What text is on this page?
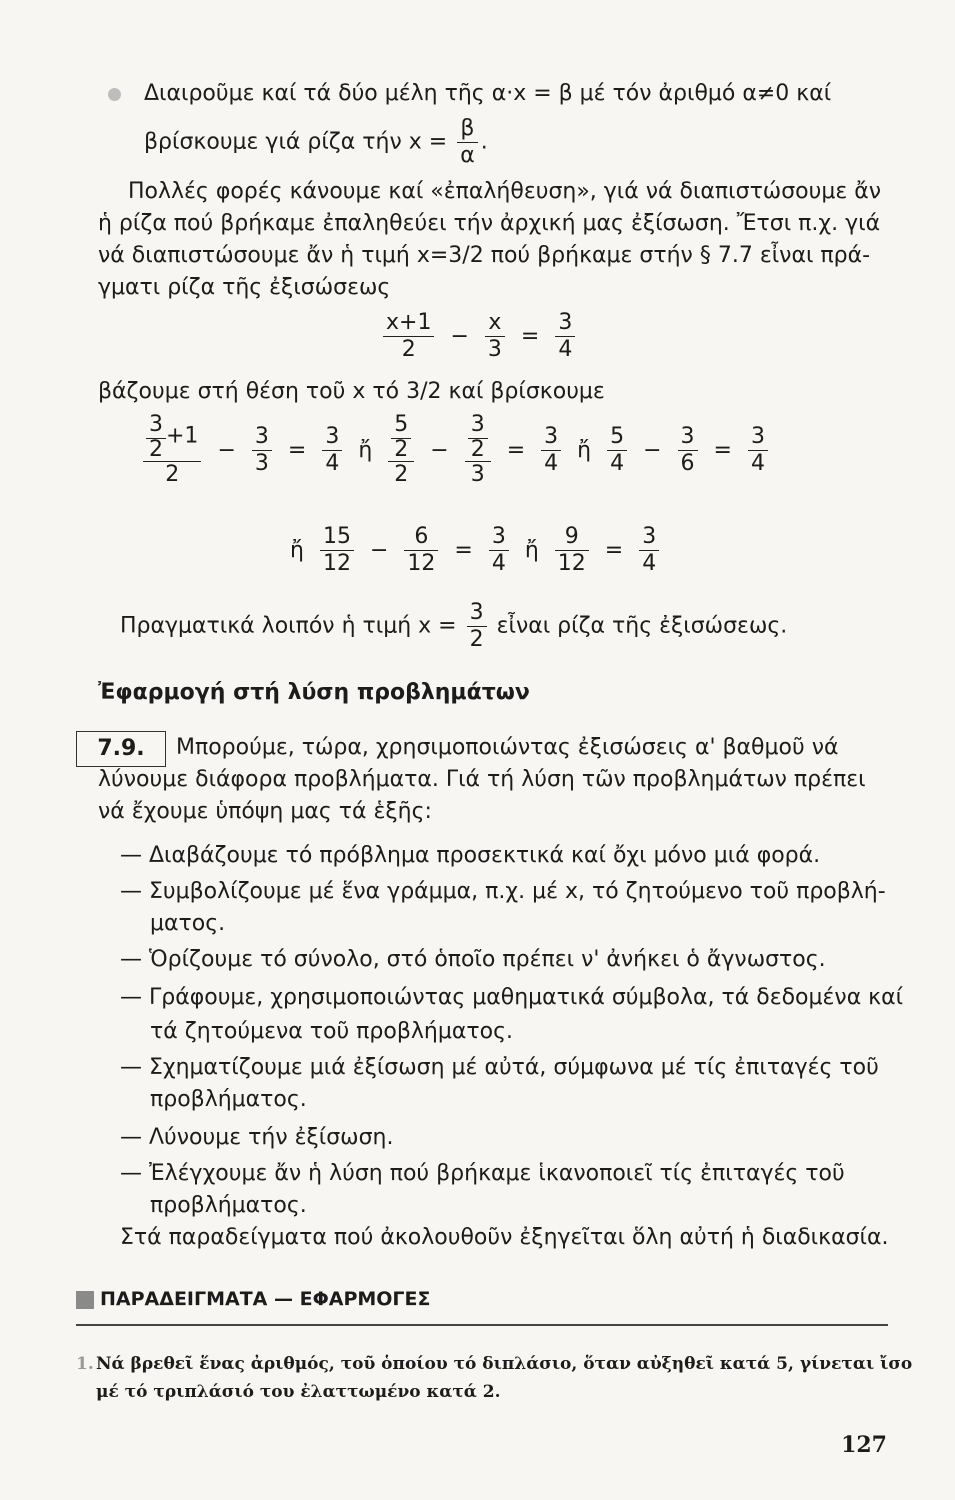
Διαιροῦμε καί τά δύο μέλη τῆς α·x = β μέ τόν ἀριθμό α≠0 καί
βρίσκουμε γιά ρίζα τήν $x = \frac{\beta}{\alpha}$ .
Πολλές φορές κάνουμε καί «ἐπαλήθευση», γιά νά διαπιστώσουμε ἄν
ἡ ρίζα πού βρήκαμε ἐπαληθεύει τήν ἀρχική μας ἐξίσωση. Ἔτσι π.χ. γιά
νά διαπιστώσουμε ἄν ἡ τιμή x=3/2 πού βρήκαμε στήν § 7.7 εἶναι πρά-
γματι ρίζα τῆς ἐξισώσεως
$\frac{x+1}{2} - \frac{x}{3} = \frac{3}{4}$
βάζουμε στή θέση τοῦ x τό 3/2 καί βρίσκουμε
$\frac{\frac{3}{2} +1}{2} - \frac{3}{3} = \frac{3}{4}$ ἤ $\frac{\frac{5}{2}}{2} - \frac{\frac{3}{2}}{3} = \frac{3}{4}$ ἤ $\frac{5}{4} - \frac{3}{6} = \frac{3}{4}$
ἤ $\frac{15}{12} - \frac{6}{12} = \frac{3}{4}$ ἤ $\frac{9}{12} = \frac{3}{4}$
Πραγματικά λοιπόν ἡ τιμή $x = \frac{3}{2}$ εἶναι ρίζα τῆς ἐξισώσεως.
Ἐφαρμογή στή λύση προβλημάτων
7.9.	Μπορούμε, τώρα, χρησιμοποιώντας ἐξισώσεις α' βαθμοῦ νά
λύνουμε διάφορα προβλήματα. Γιά τή λύση τῶν προβλημάτων πρέπει
νά ἔχουμε ὑπόψη μας τά ἑξῆς:
— Διαβάζουμε τό πρόβλημα προσεκτικά καί ὄχι μόνο μιά φορά.
— Συμβολίζουμε μέ ἕνα γράμμα, π.χ. μέ x, τό ζητούμενο τοῦ προβλή-
ματος.
— Ὁρίζουμε τό σύνολο, στό ὁποῖο πρέπει ν' ἀνήκει ὁ ἄγνωστος.
— Γράφουμε, χρησιμοποιώντας μαθηματικά σύμβολα, τά δεδομένα καί
τά ζητούμενα τοῦ προβλήματος.
— Σχηματίζουμε μιά ἐξίσωση μέ αὐτά, σύμφωνα μέ τίς ἐπιταγές τοῦ
προβλήματος.
— Λύνουμε τήν ἐξίσωση.
— Ἐλέγχουμε ἄν ἡ λύση πού βρήκαμε ἱκανοποιεῖ τίς ἐπιταγές τοῦ
προβλήματος.
Στά παραδείγματα πού ἀκολουθοῦν ἐξηγεῖται ὅλη αὐτή ἡ διαδικασία.
ΠΑΡΑΔΕΙΓΜΑΤΑ — ΕΦΑΡΜΟΓΕΣ
1. Νά βρεθεῖ ἕνας ἀριθμός, τοῦ ὁποίου τό διπλάσιο, ὅταν αὐξηθεῖ κατά 5, γίνεται ἴσο
μέ τό τριπλάσιό του ἐλαττωμένο κατά 2.
127
